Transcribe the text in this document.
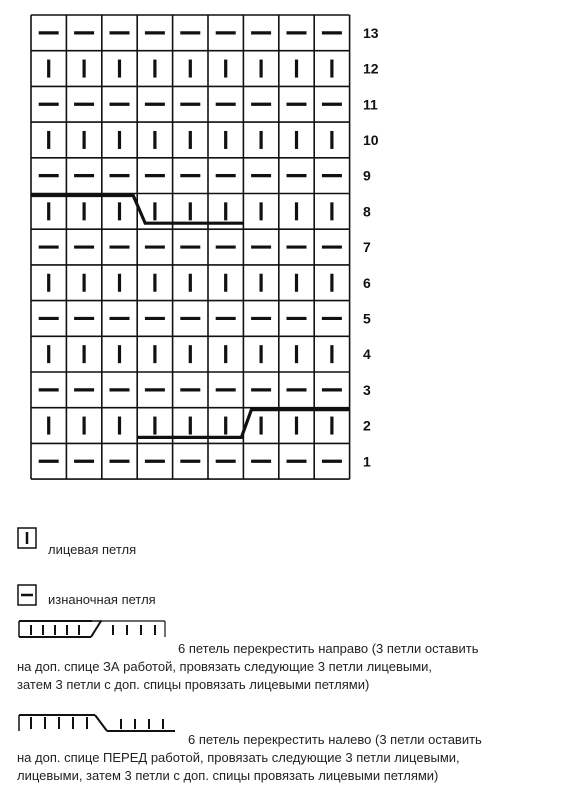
1
2
3
4
5
6
7
8
9
10
11
12
13
лицевая петля
изнаночная петля
6 петель перекрестить направо (3 петли оставить
на доп. спице ЗА работой, провязать следующие 3 петли лицевыми,
затем 3 петли с доп. спицы провязать лицевыми петлями)
6 петель перекрестить налево (3 петли оставить
на доп. спице ПЕРЕД работой, провязать следующие 3 петли лицевыми,
лицевыми, затем 3 петли с доп. спицы провязать лицевыми петлями)
